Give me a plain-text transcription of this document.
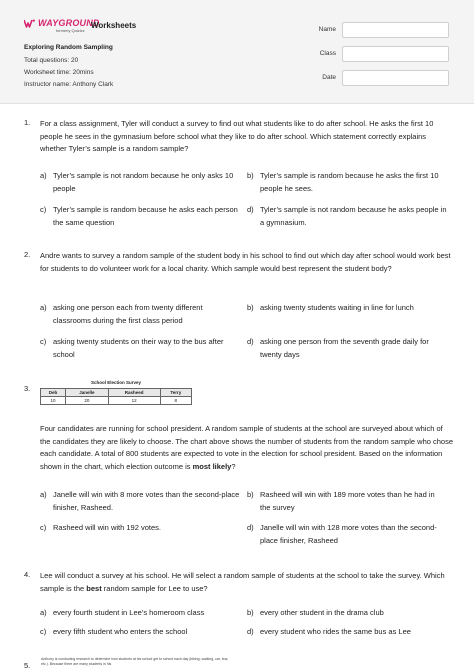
WAYGROUND
formerly Quizizz
Worksheets
Exploring Random Sampling
Total questions: 20
Worksheet time: 20mins
Instructor name: Anthony Clark
Name
Class
Date
1. For a class assignment, Tyler will conduct a survey to find out what students like to do after school. He asks the first 10 people he sees in the gymnasium before school what they like to do after school. Which statement correctly explains whether Tyler’s sample is a random sample?
a) Tyler’s sample is not random because he only asks 10 people
b) Tyler’s sample is random because he asks the first 10 people he sees.
c) Tyler’s sample is random because he asks each person the same question
d) Tyler’s sample is not random because he asks people in a gymnasium.
2. Andre wants to survey a random sample of the student body in his school to find out which day after school would work best for students to do volunteer work for a local charity. Which sample would best represent the student body?
a) asking one person each from twenty different classrooms during the first class period
b) asking twenty students waiting in line for lunch
c) asking twenty students on their way to the bus after school
d) asking one person from the seventh grade daily for twenty days
3.
School Election Survey
Deb	Janelle	Rasheed	Terry
10	20	12	8
Four candidates are running for school president. A random sample of students at the school are surveyed about which of the candidates they are likely to choose. The chart above shows the number of students from the random sample who chose each candidate. A total of 800 students are expected to vote in the election for school president. Based on the information shown in the chart, which election outcome is most likely?
a) Janelle will win with 8 more votes than the second-place finisher, Rasheed.
b) Rasheed will win with 189 more votes than he had in the survey
c) Rasheed will win with 192 votes.	d) Janelle will win with 128 more votes than the second-place finisher, Rasheed
4. Lee will conduct a survey at his school. He will select a random sample of students at the school to take the survey. Which sample is the best random sample for Lee to use?
a) every fourth student in Lee’s homeroom class	b) every other student in the drama club
c) every fifth student who enters the school	d) every student who rides the same bus as Lee
5.
Anthony is conducting research to determine how students at his school get to school each day (biking, walking, car, bus, etc.). Because there are many students in his
